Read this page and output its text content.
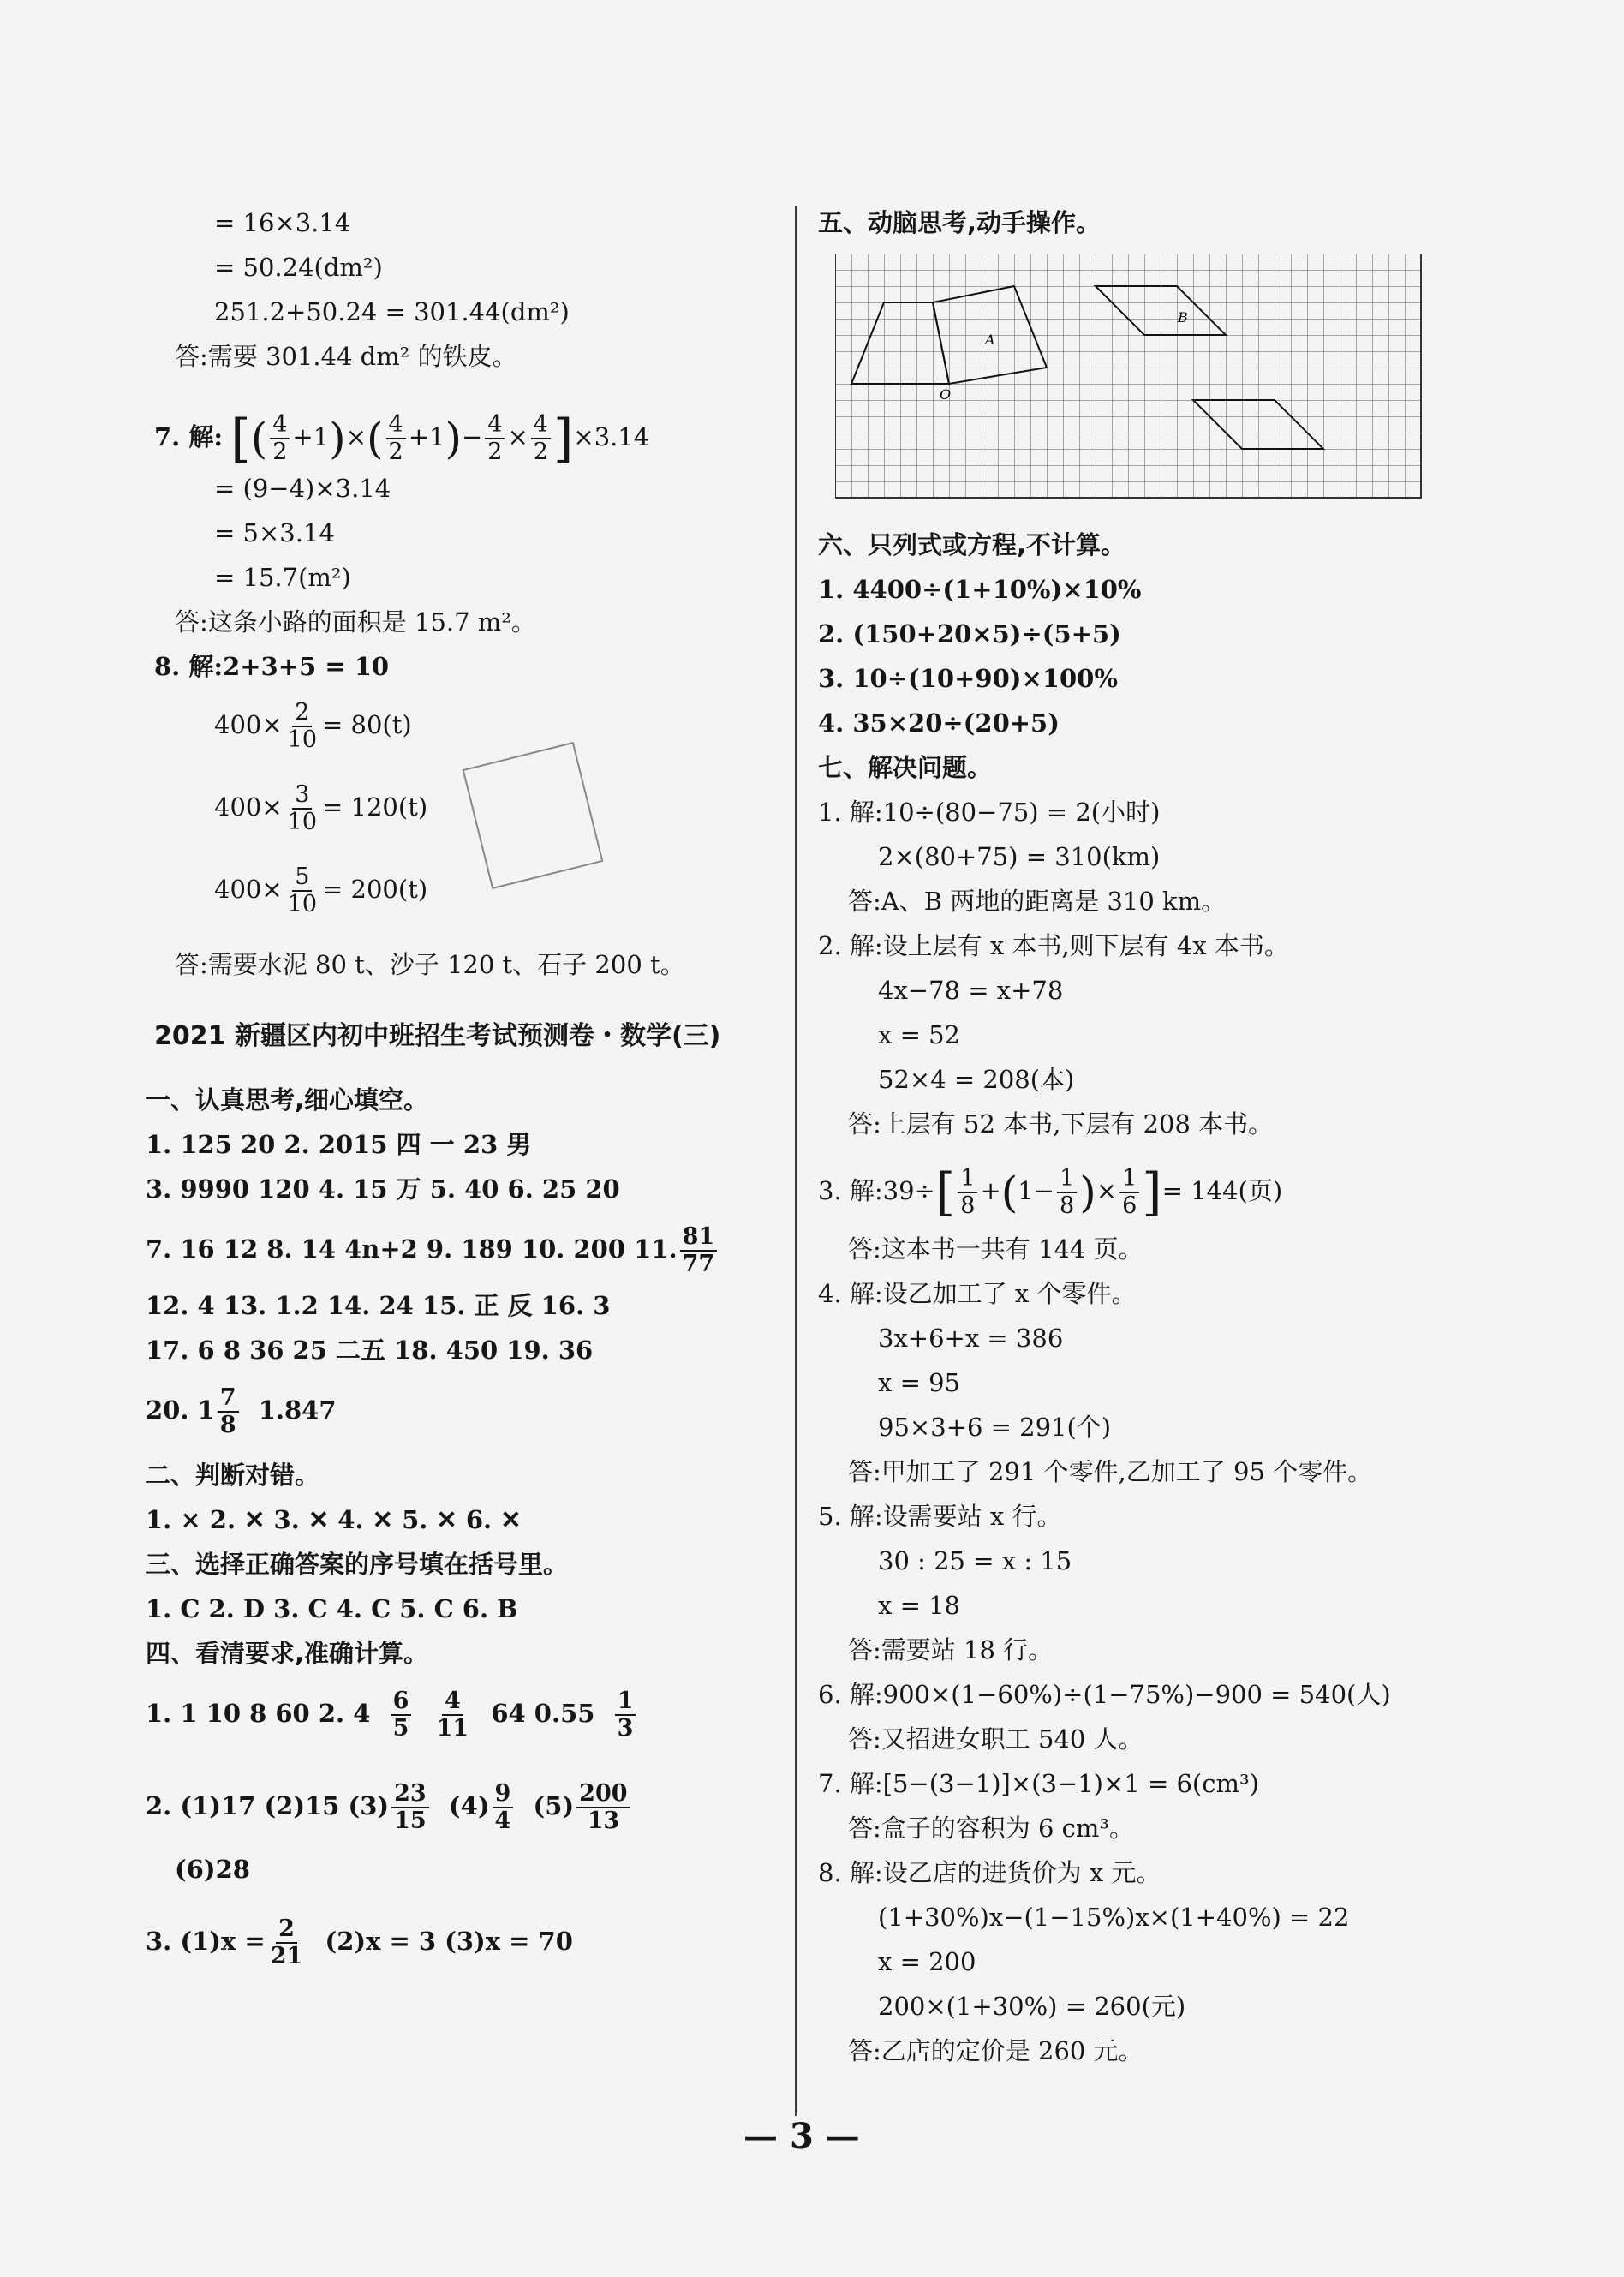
= 16×3.14
= 50.24(dm²)
251.2+50.24 = 301.44(dm²)
答:需要 301.44 dm² 的铁皮。
7. 解: [( $\frac{4}{2} +1)\times( \frac{4}{2} +1)- \frac{4}{2} \times \frac{4}{2} ]\times 3.14$
= (9−4)×3.14
= 5×3.14
= 15.7(m²)
答:这条小路的面积是 15.7 m²。
8. 解:2+3+5 = 10
$400\times \frac{2}{10} = 80(t)$
$400\times \frac{3}{10} = 120(t)$
$400\times \frac{5}{10} = 200(t)$
答:需要水泥 80 t、沙子 120 t、石子 200 t。
2021 新疆区内初中班招生考试预测卷・数学(三)
一、认真思考,细心填空。
1. 125 20 2. 2015 四 一 23 男
3. 9990 120 4. 15 万 5. 40 6. 25 20
7. 16 12 8. 14 4n+2 9. 189 10. 200 11. $\frac{81}{77}$
12. 4 13. 1.2 14. 24 15. 正 反 16. 3
17. 6 8 36 25 二五 18. 450 19. 36
20. $1 \frac{7}{8} 1.847$
二、判断对错。
1. × 2. ✕ 3. ✕ 4. ✕ 5. ✕ 6. ✕
三、选择正确答案的序号填在括号里。
1. C 2. D 3. C 4. C 5. C 6. B
四、看清要求,准确计算。
1. 1 10 8 60 2. $4 \frac{6}{5}$
$\frac{4}{11} 64$ $0.55 \frac{1}{3}$
2. (1)17 (2)15 $(3) \frac{23}{15} (4) \frac{9}{4} (5) \frac{200}{13}$
(6)28
3. $(1)x = \frac{2}{21} (2)x = 3$ (3)x = 70
五、动脑思考,动手操作。
A
B
O
六、只列式或方程,不计算。
1. 4400÷(1+10%)×10%
2. (150+20×5)÷(5+5)
3. 10÷(10+90)×100%
4. 35×20÷(20+5)
七、解决问题。
1. 解:10÷(80−75) = 2(小时)
2×(80+75) = 310(km)
答:A、B 两地的距离是 310 km。
2. 解:设上层有 x 本书,则下层有 4x 本书。
4x−78 = x+78
x = 52
52×4 = 208(本)
答:上层有 52 本书,下层有 208 本书。
3. 解:39÷[ $\frac{1}{8} +(1- \frac{1}{8}$ )× $\frac{1}{6}$ ]= 144(页)
答:这本书一共有 144 页。
4. 解:设乙加工了 x 个零件。
3x+6+x = 386
x = 95
95×3+6 = 291(个)
答:甲加工了 291 个零件,乙加工了 95 个零件。
5. 解:设需要站 x 行。
30 : 25 = x : 15
x = 18
答:需要站 18 行。
6. 解:900×(1−60%)÷(1−75%)−900 = 540(人)
答:又招进女职工 540 人。
7. 解:[5−(3−1)]×(3−1)×1 = 6(cm³)
答:盒子的容积为 6 cm³。
8. 解:设乙店的进货价为 x 元。
(1+30%)x−(1−15%)x×(1+40%) = 22
x = 200
200×(1+30%) = 260(元)
答:乙店的定价是 260 元。
— 3 —
